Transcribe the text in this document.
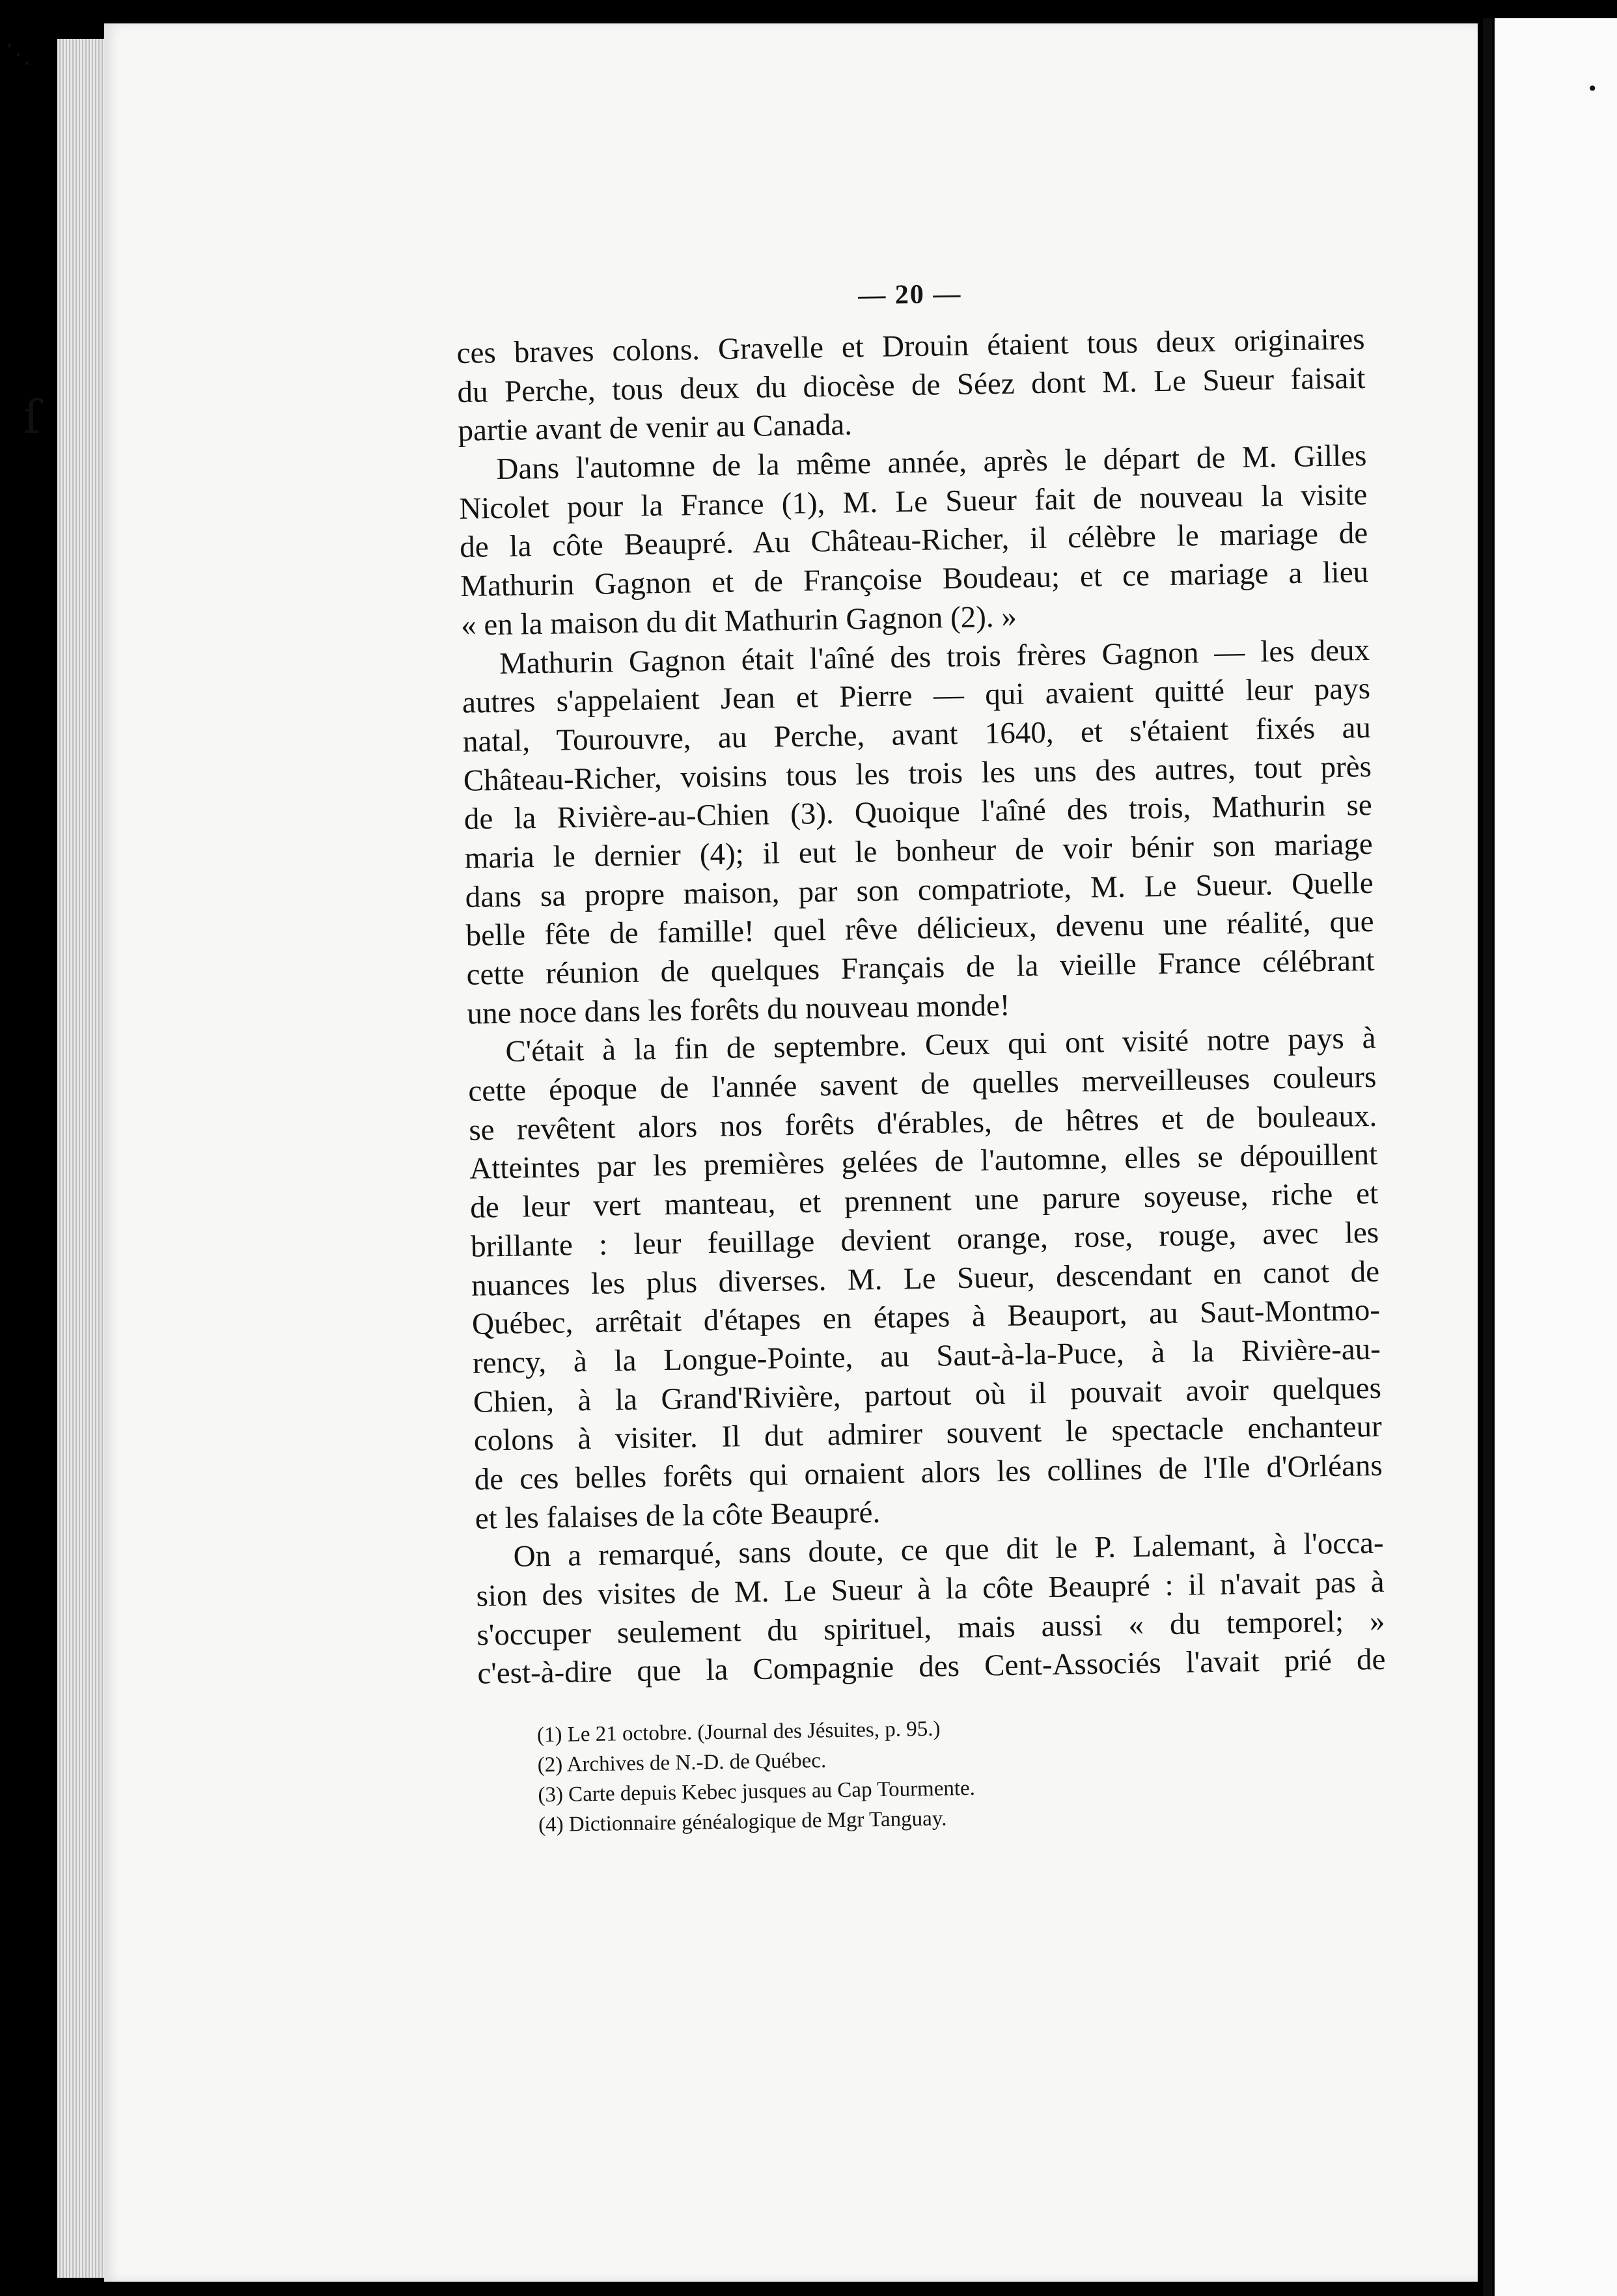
ſ
⋱
•
— 20 —
ces braves colons. Gravelle et Drouin étaient tous deux originaires
du Perche, tous deux du diocèse de Séez dont M. Le Sueur faisait
partie avant de venir au Canada.
Dans l'automne de la même année, après le départ de M. Gilles
Nicolet pour la France (1), M. Le Sueur fait de nouveau la visite
de la côte Beaupré. Au Château-Richer, il célèbre le mariage de
Mathurin Gagnon et de Françoise Boudeau; et ce mariage a lieu
« en la maison du dit Mathurin Gagnon (2). »
Mathurin Gagnon était l'aîné des trois frères Gagnon — les deux
autres s'appelaient Jean et Pierre — qui avaient quitté leur pays
natal, Tourouvre, au Perche, avant 1640, et s'étaient fixés au
Château-Richer, voisins tous les trois les uns des autres, tout près
de la Rivière-au-Chien (3). Quoique l'aîné des trois, Mathurin se
maria le dernier (4); il eut le bonheur de voir bénir son mariage
dans sa propre maison, par son compatriote, M. Le Sueur. Quelle
belle fête de famille! quel rêve délicieux, devenu une réalité, que
cette réunion de quelques Français de la vieille France célébrant
une noce dans les forêts du nouveau monde!
C'était à la fin de septembre. Ceux qui ont visité notre pays à
cette époque de l'année savent de quelles merveilleuses couleurs
se revêtent alors nos forêts d'érables, de hêtres et de bouleaux.
Atteintes par les premières gelées de l'automne, elles se dépouillent
de leur vert manteau, et prennent une parure soyeuse, riche et
brillante : leur feuillage devient orange, rose, rouge, avec les
nuances les plus diverses. M. Le Sueur, descendant en canot de
Québec, arrêtait d'étapes en étapes à Beauport, au Saut-Montmo-
rency, à la Longue-Pointe, au Saut-à-la-Puce, à la Rivière-au-
Chien, à la Grand'Rivière, partout où il pouvait avoir quelques
colons à visiter. Il dut admirer souvent le spectacle enchanteur
de ces belles forêts qui ornaient alors les collines de l'Ile d'Orléans
et les falaises de la côte Beaupré.
On a remarqué, sans doute, ce que dit le P. Lalemant, à l'occa-
sion des visites de M. Le Sueur à la côte Beaupré : il n'avait pas à
s'occuper seulement du spirituel, mais aussi « du temporel; »
c'est-à-dire que la Compagnie des Cent-Associés l'avait prié de
(1) Le 21 octobre. (Journal des Jésuites, p. 95.)
(2) Archives de N.-D. de Québec.
(3) Carte depuis Kebec jusques au Cap Tourmente.
(4) Dictionnaire généalogique de Mgr Tanguay.
